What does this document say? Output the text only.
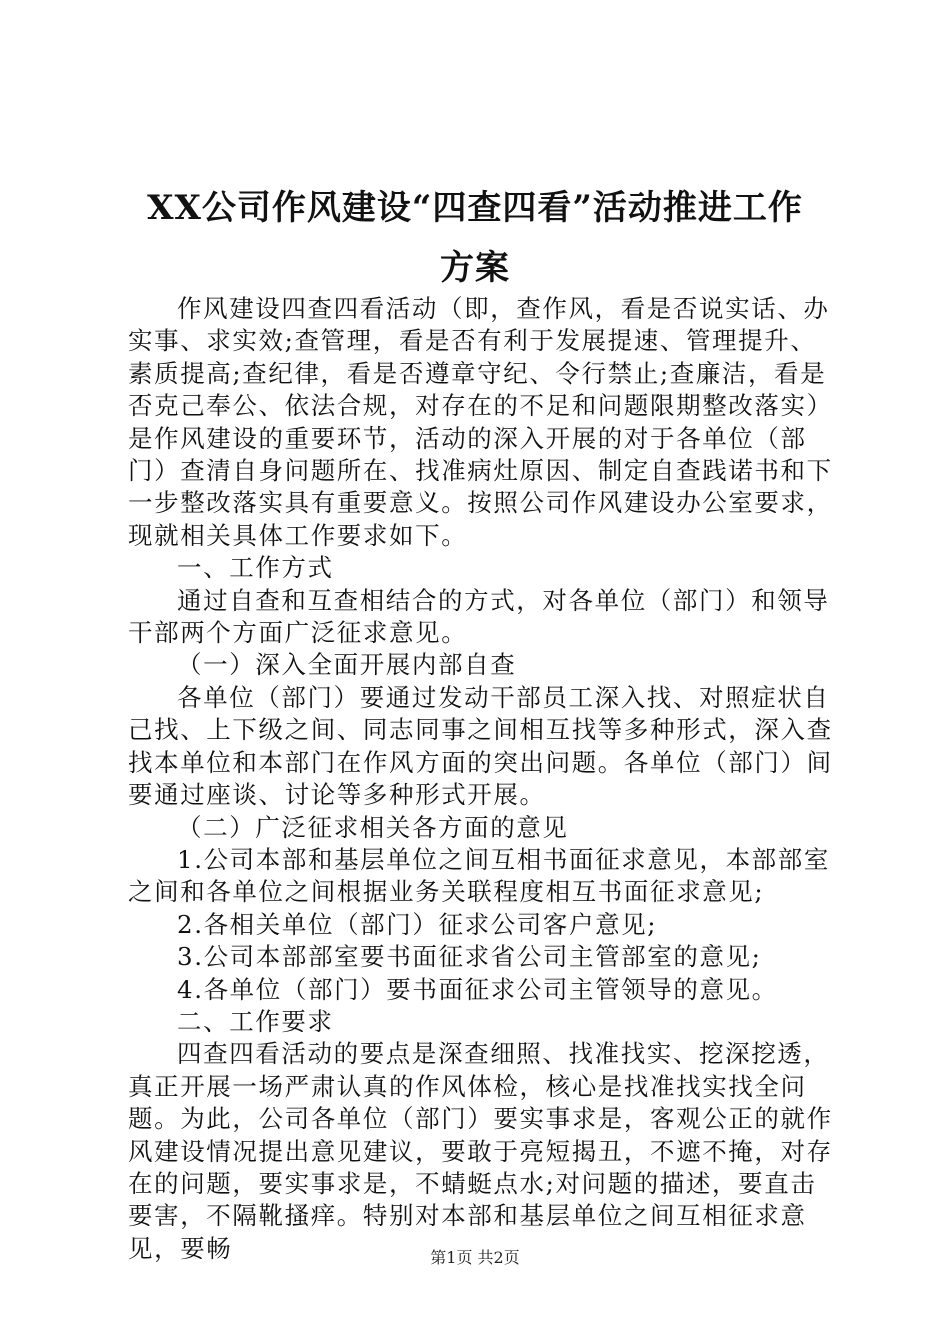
XX公司作风建设“四查四看”活动推进工作
方案

作风建设四查四看活动（即，查作风，看是否说实话、办实事、求实效;查管理，看是否有利于发展提速、管理提升、素质提高;查纪律，看是否遵章守纪、令行禁止;查廉洁，看是否克己奉公、依法合规，对存在的不足和问题限期整改落实）是作风建设的重要环节，活动的深入开展的对于各单位（部门）查清自身问题所在、找准病灶原因、制定自查践诺书和下一步整改落实具有重要意义。按照公司作风建设办公室要求，现就相关具体工作要求如下。

一、工作方式

通过自查和互查相结合的方式，对各单位（部门）和领导干部两个方面广泛征求意见。

（一）深入全面开展内部自查

各单位（部门）要通过发动干部员工深入找、对照症状自己找、上下级之间、同志同事之间相互找等多种形式，深入查找本单位和本部门在作风方面的突出问题。各单位（部门）间要通过座谈、讨论等多种形式开展。

（二）广泛征求相关各方面的意见

1.公司本部和基层单位之间互相书面征求意见，本部部室之间和各单位之间根据业务关联程度相互书面征求意见;

2.各相关单位（部门）征求公司客户意见;

3.公司本部部室要书面征求省公司主管部室的意见;

4.各单位（部门）要书面征求公司主管领导的意见。

二、工作要求

四查四看活动的要点是深查细照、找准找实、挖深挖透，真正开展一场严肃认真的作风体检，核心是找准找实找全问题。为此，公司各单位（部门）要实事求是，客观公正的就作风建设情况提出意见建议，要敢于亮短揭丑，不遮不掩，对存在的问题，要实事求是，不蜻蜓点水;对问题的描述，要直击要害，不隔靴搔痒。特别对本部和基层单位之间互相征求意见，要畅	第1页 共2页
